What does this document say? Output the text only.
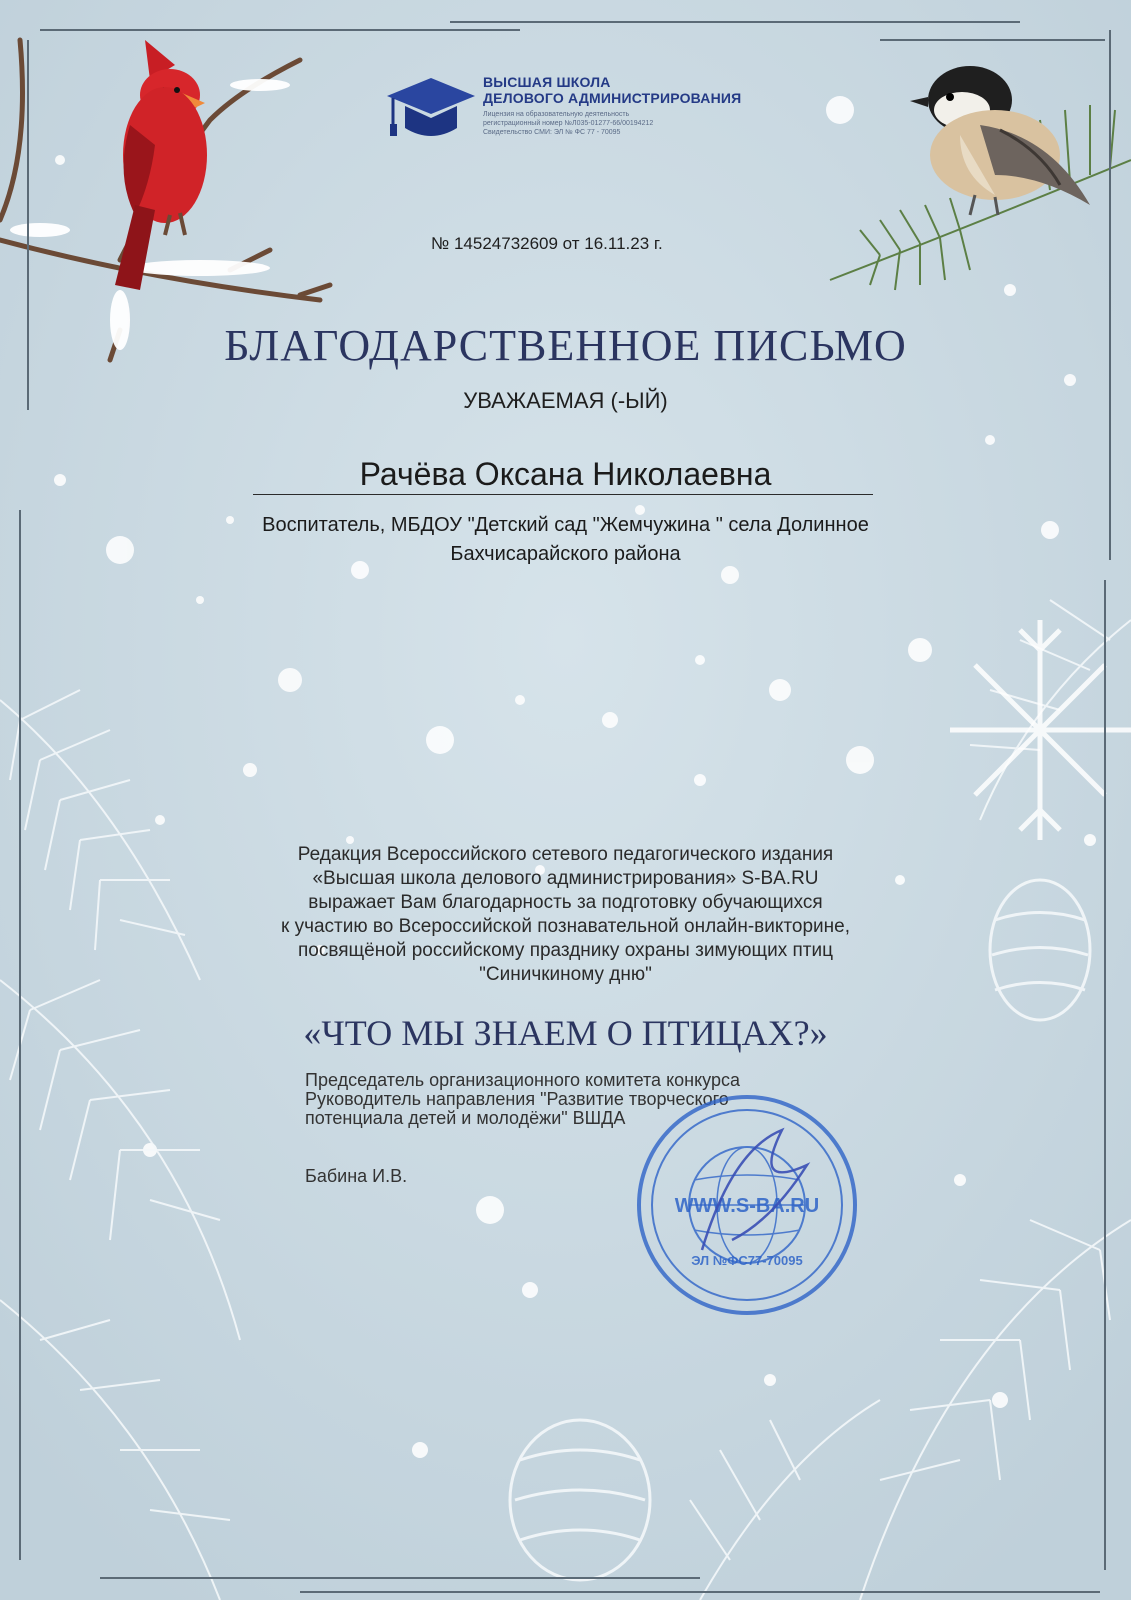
ВЫСШАЯ ШКОЛА
ДЕЛОВОГО АДМИНИСТРИРОВАНИЯ
Лицензия на образовательную деятельность
регистрационный номер №Л035-01277-66/00194212
Свидетельство СМИ: ЭЛ № ФС 77 - 70095
№ 14524732609 от 16.11.23 г.
БЛАГОДАРСТВЕННОЕ ПИСЬМО
УВАЖАЕМАЯ (-ЫЙ)
Рачёва Оксана Николаевна
Воспитатель, МБДОУ "Детский сад "Жемчужина " села Долинное
Бахчисарайского района
Редакция Всероссийского сетевого педагогического издания
«Высшая школа делового администрирования» S-BA.RU
выражает Вам благодарность за подготовку обучающихся
к участию во Всероссийской познавательной онлайн-викторине,
посвящёной российскому празднику охраны зимующих птиц
"Синичкиному дню"
«ЧТО МЫ ЗНАЕМ О ПТИЦАХ?»
Председатель организационного комитета конкурса
Руководитель направления "Развитие творческого
потенциала детей и молодёжи" ВШДА
Бабина И.В.
WWW.S-BA.RU
ЭЛ №ФС77-70095
